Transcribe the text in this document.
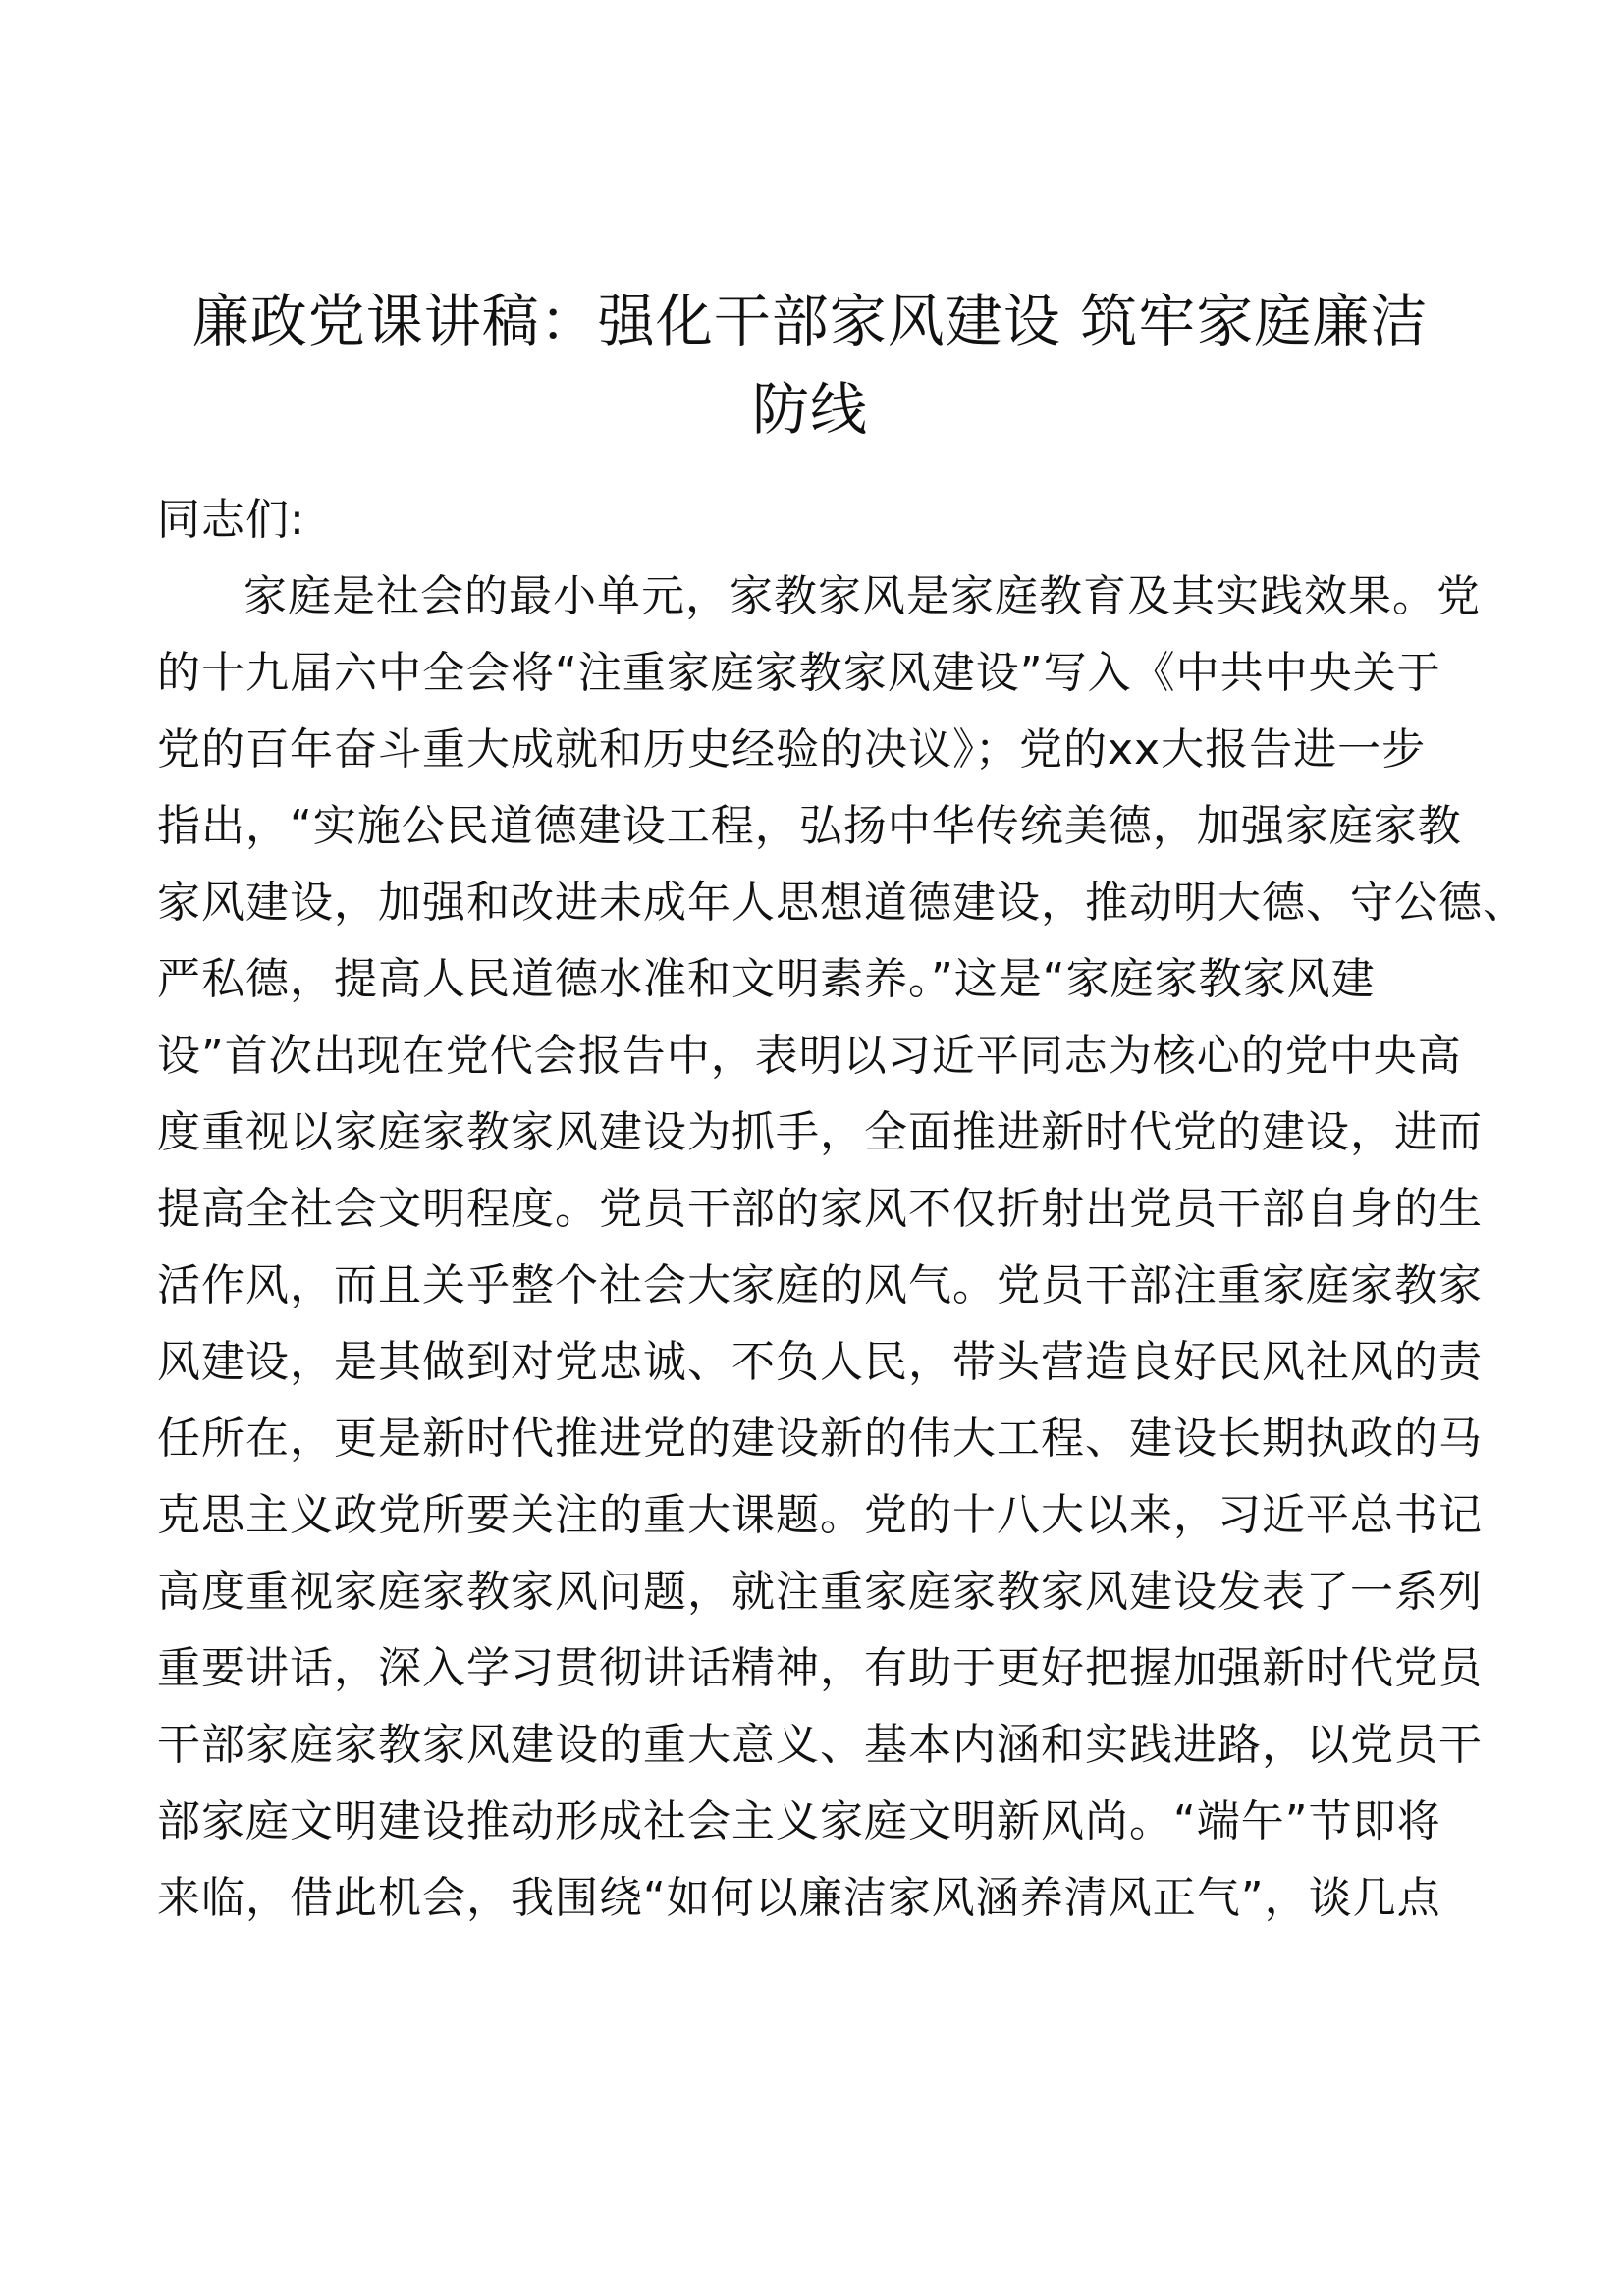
廉政党课讲稿：强化干部家风建设 筑牢家庭廉洁
防线
同志们:
家庭是社会的最小单元，家教家风是家庭教育及其实践效果。党
的十九届六中全会将“注重家庭家教家风建设”写入《中共中央关于
党的百年奋斗重大成就和历史经验的决议》；党的xx大报告进一步
指出，“实施公民道德建设工程，弘扬中华传统美德，加强家庭家教
家风建设，加强和改进未成年人思想道德建设，推动明大德、守公德、
严私德，提高人民道德水准和文明素养。”这是“家庭家教家风建
设”首次出现在党代会报告中，表明以习近平同志为核心的党中央高
度重视以家庭家教家风建设为抓手，全面推进新时代党的建设，进而
提高全社会文明程度。党员干部的家风不仅折射出党员干部自身的生
活作风，而且关乎整个社会大家庭的风气。党员干部注重家庭家教家
风建设，是其做到对党忠诚、不负人民，带头营造良好民风社风的责
任所在，更是新时代推进党的建设新的伟大工程、建设长期执政的马
克思主义政党所要关注的重大课题。党的十八大以来，习近平总书记
高度重视家庭家教家风问题，就注重家庭家教家风建设发表了一系列
重要讲话，深入学习贯彻讲话精神，有助于更好把握加强新时代党员
干部家庭家教家风建设的重大意义、基本内涵和实践进路，以党员干
部家庭文明建设推动形成社会主义家庭文明新风尚。“端午”节即将
来临，借此机会，我围绕“如何以廉洁家风涵养清风正气”，谈几点
